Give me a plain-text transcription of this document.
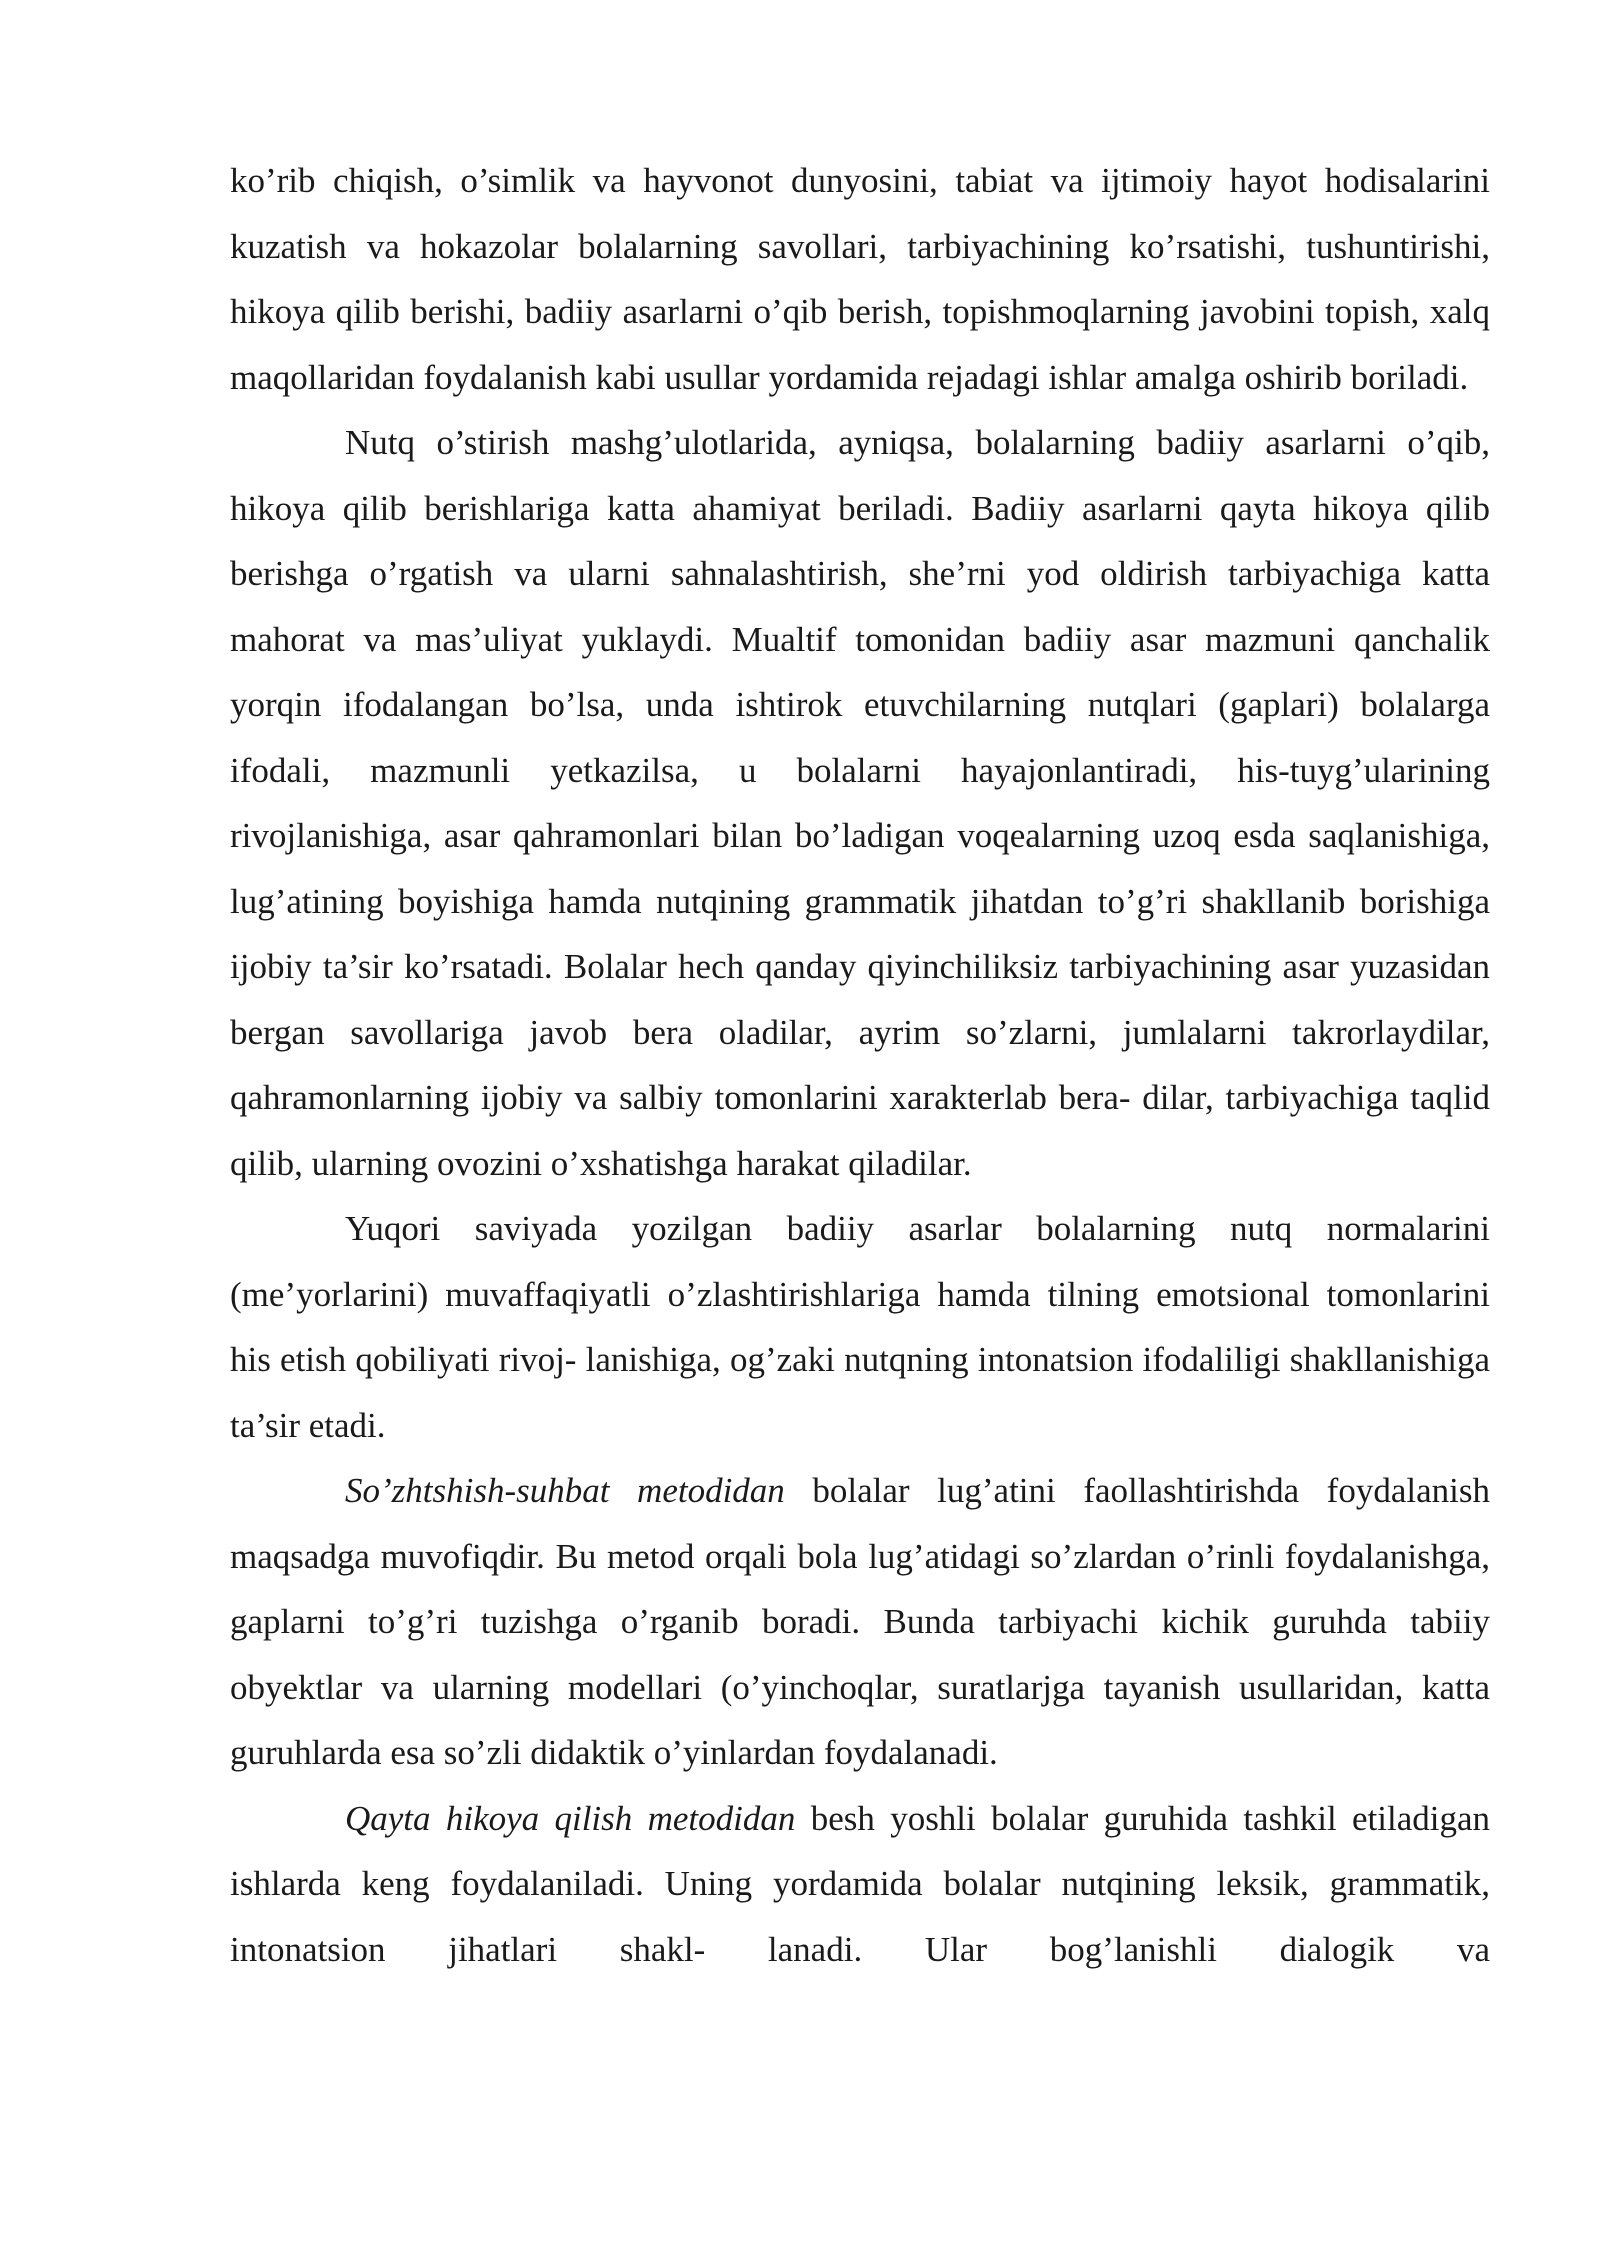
ko’rib chiqish, o’simlik va hayvonot dunyosini, tabiat va ijtimoiy hayot hodisalarini kuzatish va hokazolar bolalarning savollari, tarbiyachining ko’rsatishi, tushuntirishi, hikoya qilib berishi, badiiy asarlarni o’qib berish, topishmoqlarning javobini topish, xalq maqollaridan foydalanish kabi usullar yordamida rejadagi ishlar amalga oshirib boriladi.

Nutq o’stirish mashg’ulotlarida, ayniqsa, bolalarning badiiy asarlarni o’qib, hikoya qilib berishlariga katta ahamiyat beriladi. Badiiy asarlarni qayta hikoya qilib berishga o’rgatish va ularni sahnalashtirish, she’rni yod oldirish tarbiyachiga katta mahorat va mas’uliyat yuklaydi. Mualtif tomonidan badiiy asar mazmuni qanchalik yorqin ifodalangan bo’lsa, unda ishtirok etuvchilarning nutqlari (gaplari) bolalarga ifodali, mazmunli yetkazilsa, u bolalarni hayajonlantiradi, his-tuyg’ularining rivojlanishiga, asar qahramonlari bilan bo’ladigan voqealarning uzoq esda saqlanishiga, lug’atining boyishiga hamda nutqining grammatik jihatdan to’g’ri shakllanib borishiga ijobiy ta’sir ko’rsatadi. Bolalar hech qanday qiyinchiliksiz tarbiyachining asar yuzasidan bergan savollariga javob bera oladilar, ayrim so’zlarni, jumlalarni takrorlaydilar, qahramonlarning ijobiy va salbiy tomonlarini xarakterlab bera- dilar, tarbiyachiga taqlid qilib, ularning ovozini o’xshatishga harakat qiladilar.

Yuqori saviyada yozilgan badiiy asarlar bolalarning nutq normalarini (me’yorlarini) muvaffaqiyatli o’zlashtirishlariga hamda tilning emotsional tomonlarini his etish qobiliyati rivoj- lanishiga, og’zaki nutqning intonatsion ifodaliligi shakllanishiga ta’sir etadi.

So’zhtshish-suhbat metodidan bolalar lug’atini faollashtirishda foydalanish maqsadga muvofiqdir. Bu metod orqali bola lug’atidagi so’zlardan o’rinli foydalanishga, gaplarni to’g’ri tuzishga o’rganib boradi. Bunda tarbiyachi kichik guruhda tabiiy obyektlar va ularning modellari (o’yinchoqlar, suratlarjga tayanish usullaridan, katta guruhlarda esa so’zli didaktik o’yinlardan foydalanadi.

Qayta hikoya qilish metodidan besh yoshli bolalar guruhida tashkil etiladigan ishlarda keng foydalaniladi. Uning yordamida bolalar nutqining leksik, grammatik, intonatsion jihatlari shakl- lanadi. Ular bog’lanishli dialogik va
